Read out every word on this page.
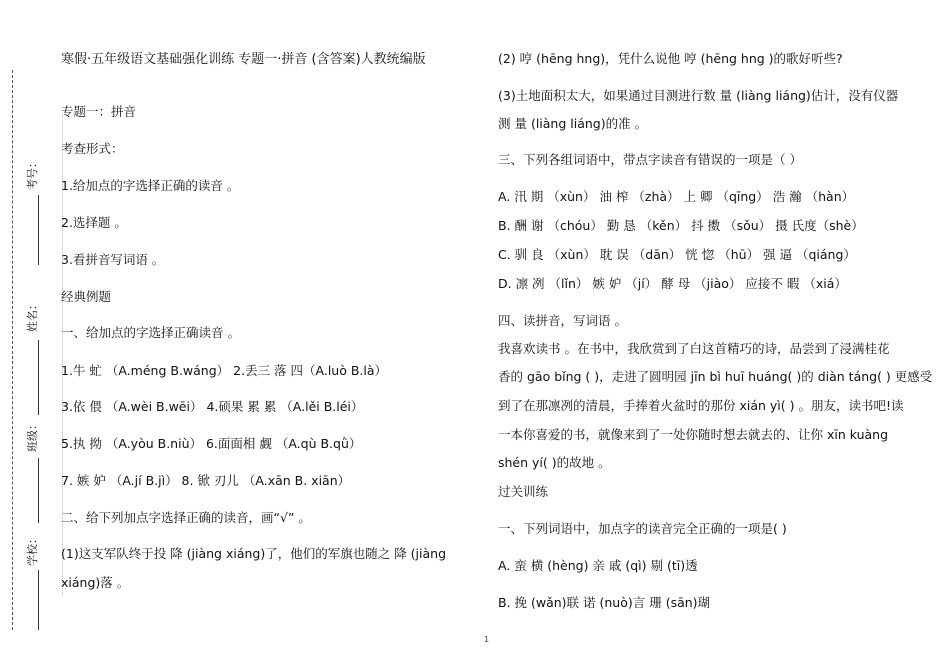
考号：
姓名：
班级：
学校：
寒假·五年级语文基础强化训练 专题一·拼音 (含答案)人教统编版
专题一：拼音
考查形式：
1.给加点的字选择正确的读音 。
2.选择题 。
3.看拼音写词语 。
经典例题
一、给加点的字选择正确读音 。
1.牛 虻 （A.méng B.wáng） 2.丢三 落 四（A.luò B.là）
3.依 偎 （A.wèi B.wēi） 4.硕果 累 累 （A.lěi B.léi）
5.执 拗 （A.yòu B.niù） 6.面面相 觑 （A.qù B.qǜ）
7. 嫉 妒 （A.jí B.jì） 8. 锨 刃儿 （A.xān B. xiān）
二、给下列加点字选择正确的读音，画“√” 。
(1)这支军队终于投 降 (jiàng xiáng)了，他们的军旗也随之 降 (jiàng
xiáng)落 。
(2) 哼 (hēng hng)，凭什么说他 哼 (hēng hng )的歌好听些?
(3)土地面积太大，如果通过目测进行数 量 (liàng liáng)估计，没有仪器
测 量 (liàng liáng)的准 。
三、下列各组词语中，带点字读音有错误的一项是（ ）
A. 汛 期 （xùn） 油 榨 （zhà） 上 卿 （qīng） 浩 瀚 （hàn）
B. 酬 谢 （chóu） 勤 恳 （kěn） 抖 擞 （sǒu） 摄 氏度（shè）
C. 驯 良 （xùn） 耽 误 （dān） 恍 惚 （hū） 强 逼 （qiáng）
D. 凛 冽 （lǐn） 嫉 妒 （jí） 酵 母 （jiào） 应接不 暇 （xiá）
四、读拼音，写词语 。
我喜欢读书 。在书中，我欣赏到了白这首精巧的诗，品尝到了浸满桂花
香的 gāo bǐng ( )，走进了圆明园 jīn bì huī huáng( )的 diàn táng( ) 更感受
到了在那凛冽的清晨，手捧着火盆时的那份 xián yì( ) 。朋友，读书吧!读
一本你喜爱的书，就像来到了一处你随时想去就去的、让你 xīn kuàng
shén yí( )的故地 。
过关训练
一、下列词语中，加点字的读音完全正确的一项是( )
A. 蛮 横 (hèng) 亲 戚 (qì) 剔 (tī)透
B. 挽 (wǎn)联 诺 (nuò)言 珊 (sān)瑚
1
